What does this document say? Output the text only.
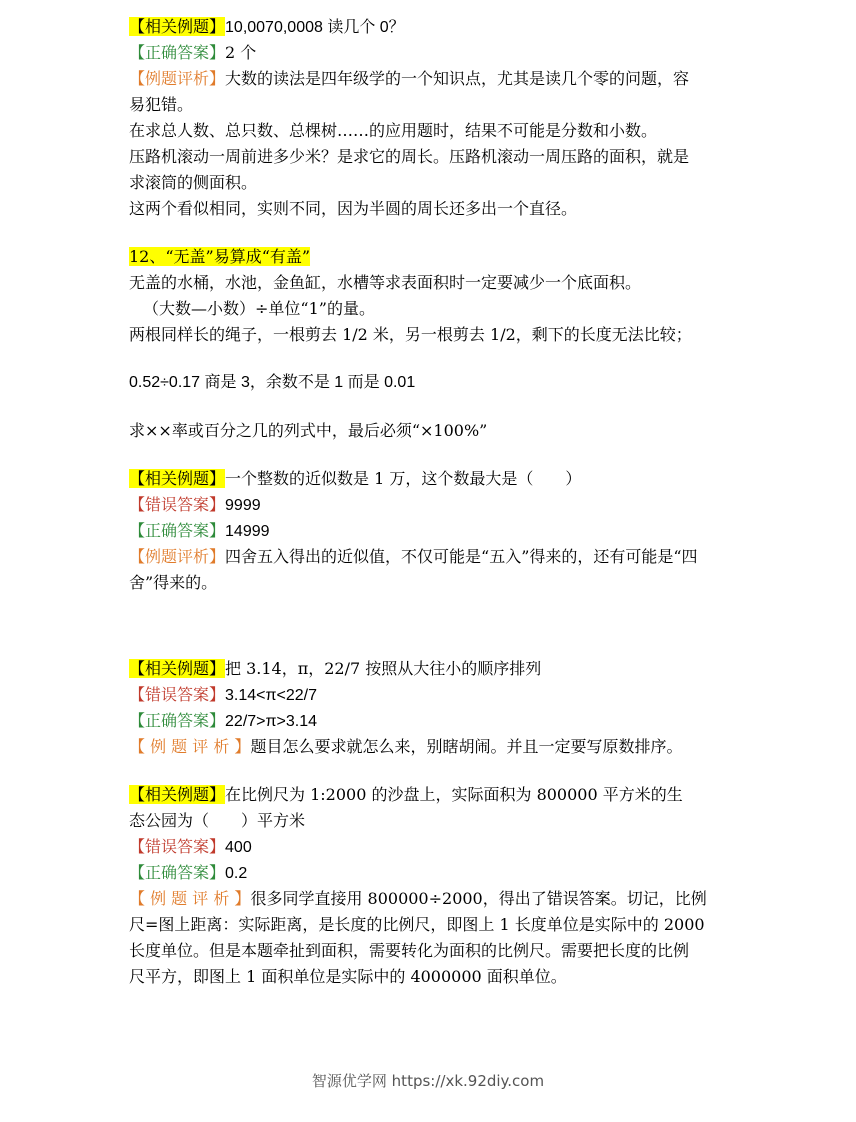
【相关例题】10,0070,0008 读几个 0？
【正确答案】2 个
【例题评析】大数的读法是四年级学的一个知识点，尤其是读几个零的问题，容
易犯错。
在求总人数、总只数、总棵树……的应用题时，结果不可能是分数和小数。
压路机滚动一周前进多少米？是求它的周长。压路机滚动一周压路的面积，就是
求滚筒的侧面积。
这两个看似相同，实则不同，因为半圆的周长还多出一个直径。
12、“无盖”易算成“有盖”
无盖的水桶，水池，金鱼缸，水槽等求表面积时一定要减少一个底面积。
（大数—小数）÷单位“1”的量。
两根同样长的绳子，一根剪去 1/2 米，另一根剪去 1/2，剩下的长度无法比较；
0.52÷0.17 商是 3，余数不是 1 而是 0.01
求××率或百分之几的列式中，最后必须“×100%”
【相关例题】一个整数的近似数是 1 万，这个数最大是（　　）
【错误答案】9999
【正确答案】14999
【例题评析】四舍五入得出的近似值，不仅可能是“五入”得来的，还有可能是“四
舍”得来的。
【相关例题】把 3.14，π，22/7 按照从大往小的顺序排列
【错误答案】3.14<π<22/7
【正确答案】22/7>π>3.14
【 例 题 评 析 】题目怎么要求就怎么来，别瞎胡闹。并且一定要写原数排序。
【相关例题】在比例尺为 1:2000 的沙盘上，实际面积为 800000 平方米的生
态公园为（　　）平方米
【错误答案】400
【正确答案】0.2
【 例 题 评 析 】很多同学直接用 800000÷2000，得出了错误答案。切记，比例
尺=图上距离：实际距离，是长度的比例尺，即图上 1 长度单位是实际中的 2000
长度单位。但是本题牵扯到面积，需要转化为面积的比例尺。需要把长度的比例
尺平方，即图上 1 面积单位是实际中的 4000000 面积单位。
智源优学网 https://xk.92diy.com
